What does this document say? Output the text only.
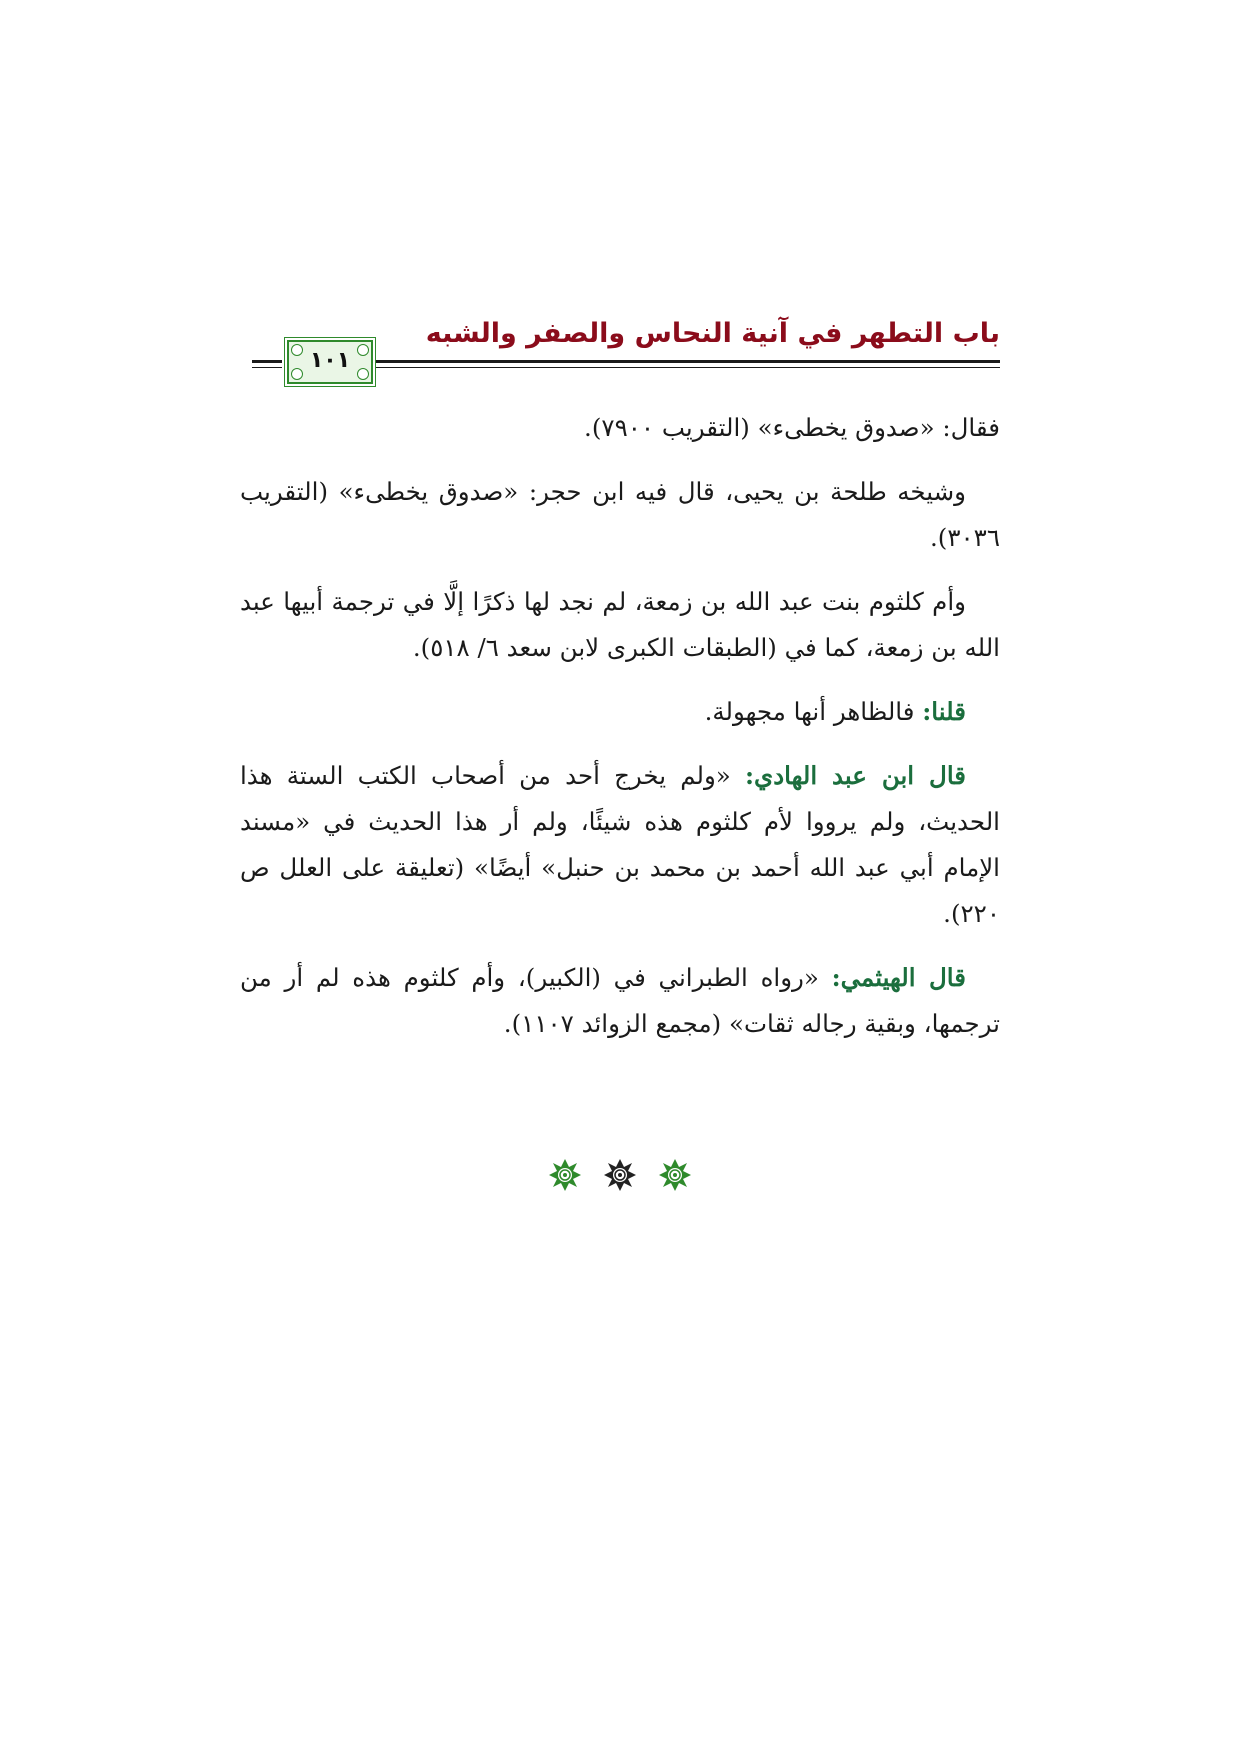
باب التطهر في آنية النحاس والصفر والشبه
١٠١

فقال: «صدوق يخطىء» (التقريب ٧٩٠٠).

وشيخه طلحة بن يحيى، قال فيه ابن حجر: «صدوق يخطىء» (التقريب ٣٠٣٦).

وأم كلثوم بنت عبد الله بن زمعة، لم نجد لها ذكرًا إلَّا في ترجمة أبيها عبد الله بن زمعة، كما في (الطبقات الكبرى لابن سعد ٦/ ٥١٨).

قلنا: فالظاهر أنها مجهولة.

قال ابن عبد الهادي: «ولم يخرج أحد من أصحاب الكتب الستة هذا الحديث، ولم يرووا لأم كلثوم هذه شيئًا، ولم أر هذا الحديث في «مسند الإمام أبي عبد الله أحمد بن محمد بن حنبل» أيضًا» (تعليقة على العلل ص ٢٢٠).

قال الهيثمي: «رواه الطبراني في (الكبير)، وأم كلثوم هذه لم أر من ترجمها، وبقية رجاله ثقات» (مجمع الزوائد ١١٠٧).
